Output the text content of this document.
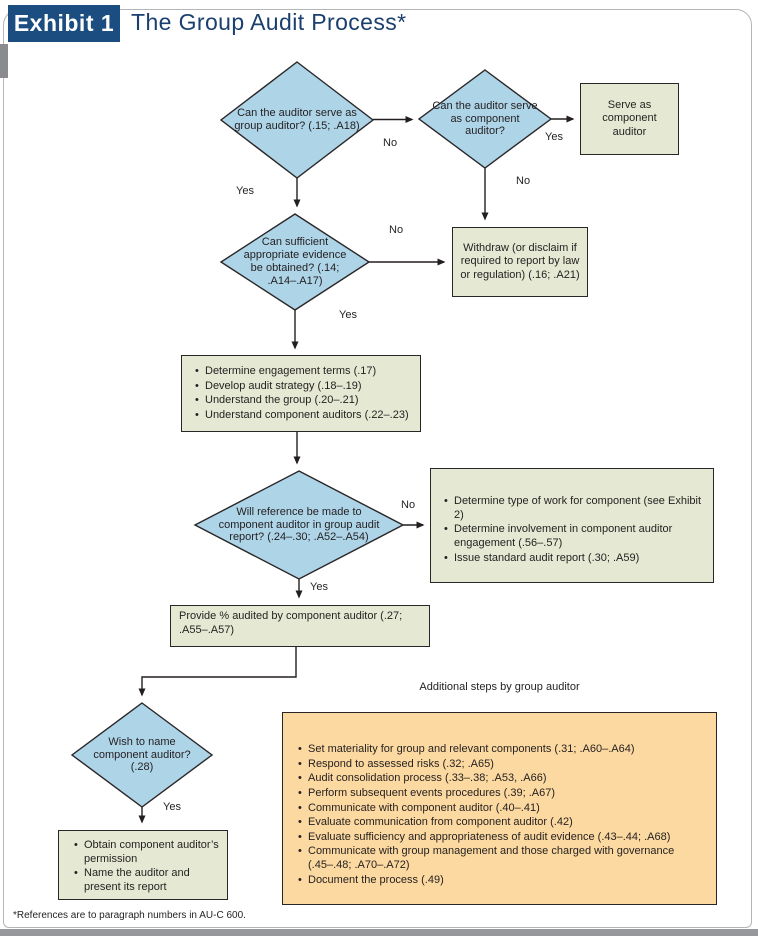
Exhibit 1 The Group Audit Process*
Can the auditor serve as group auditor? (.15; .A18)
Can the auditor serve as component auditor?
Can sufficient appropriate evidence be obtained? (.14; .A14–.A17)
Will reference be made to component auditor in group audit report? (.24–.30; .A52–.A54)
Wish to name component auditor? (.28)
Serve as component auditor
Withdraw (or disclaim if required to report by law or regulation) (.16; .A21)
• Determine engagement terms (.17)
• Develop audit strategy (.18–.19)
• Understand the group (.20–.21)
• Understand component auditors (.22–.23)
• Determine type of work for component (see Exhibit 2)
• Determine involvement in component auditor engagement (.56–.57)
• Issue standard audit report (.30; .A59)
Provide % audited by component auditor (.27; .A55–.A57)
• Obtain component auditor’s permission
• Name the auditor and present its report
Additional steps by group auditor
• Set materiality for group and relevant components (.31; .A60–.A64)
• Respond to assessed risks (.32; .A65)
• Audit consolidation process (.33–.38; .A53, .A66)
• Perform subsequent events procedures (.39; .A67)
• Communicate with component auditor (.40–.41)
• Evaluate communication from component auditor (.42)
• Evaluate sufficiency and appropriateness of audit evidence (.43–.44; .A68)
• Communicate with group management and those charged with governance (.45–.48; .A70–.A72)
• Document the process (.49)
No
Yes
Yes
No
No
Yes
No
Yes
Yes
*References are to paragraph numbers in AU-C 600.
